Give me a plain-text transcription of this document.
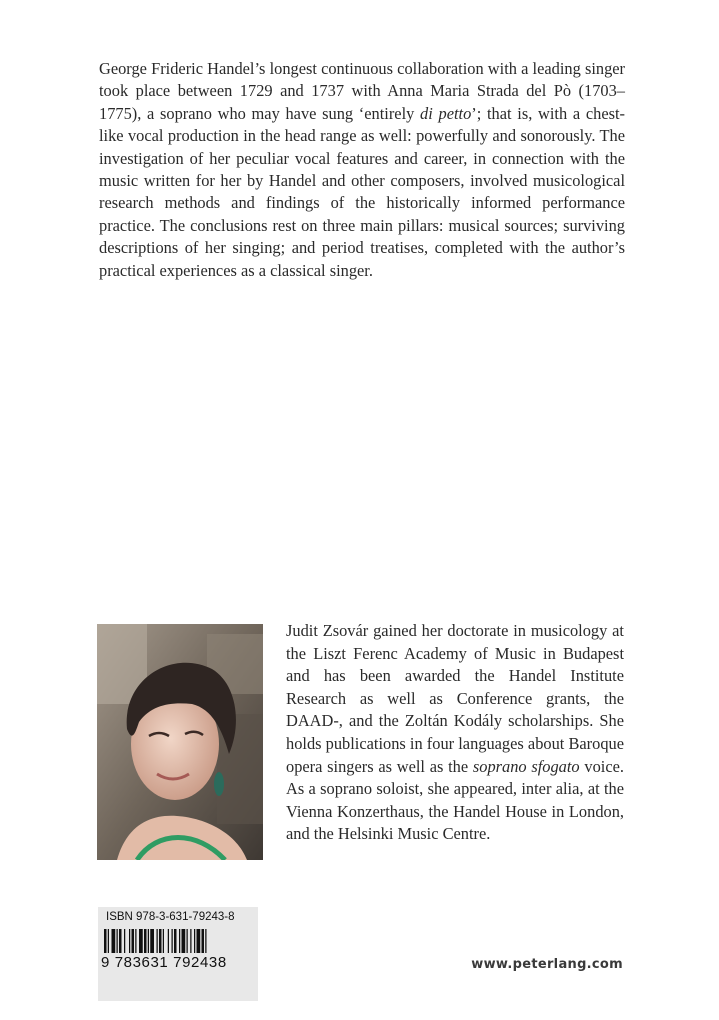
George Frideric Handel’s longest continuous collaboration with a leading singer took place between 1729 and 1737 with Anna Maria Strada del Pò (1703–1775), a soprano who may have sung ‘entirely di petto’; that is, with a chest-like vocal production in the head range as well: powerfully and sonorously. The investigation of her peculiar vocal features and career, in connection with the music written for her by Handel and other composers, involved musicological research methods and findings of the historically informed performance practice. The conclusions rest on three main pillars: musical sources; surviving descriptions of her singing; and period treatises, completed with the author’s practical experiences as a classical singer.

Judit Zsovár gained her doctorate in musicology at the Liszt Ferenc Academy of Music in Budapest and has been awarded the Handel Institute Research as well as Conference grants, the DAAD-, and the Zoltán Kodály scholarships. She holds publications in four languages about Baroque opera singers as well as the soprano sfogato voice. As a soprano soloist, she appeared, inter alia, at the Vienna Konzerthaus, the Handel House in London, and the Helsinki Music Centre.

ISBN 978-3-631-79243-8
9 783631 792438	www.peterlang.com
